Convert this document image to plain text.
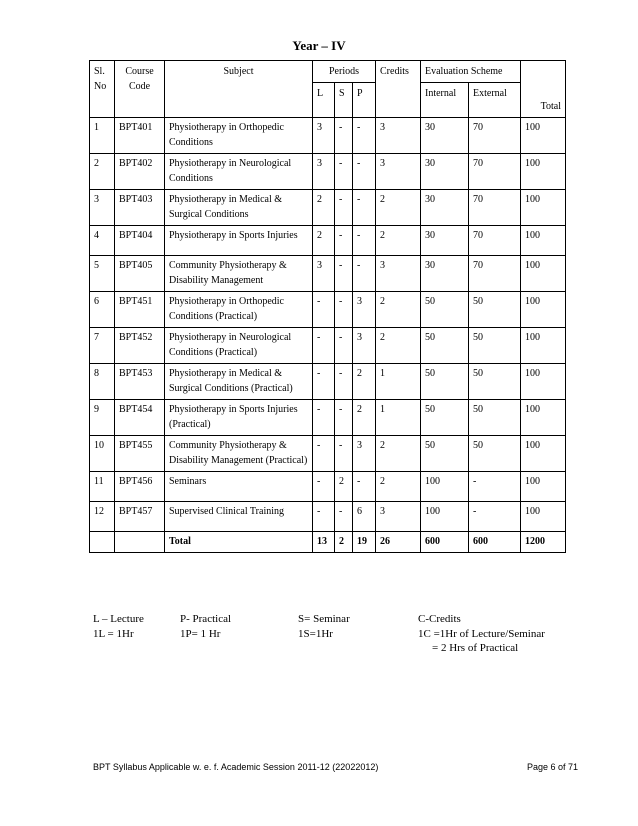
Year – IV
Sl. No	Course Code	Subject	Periods			Credits	Evaluation Scheme		Total
			L	S	P		Internal	External	
1	BPT401	Physiotherapy in Orthopedic Conditions	3	-	-	3	30	70	100
2	BPT402	Physiotherapy in Neurological Conditions	3	-	-	3	30	70	100
3	BPT403	Physiotherapy in Medical & Surgical Conditions	2	-	-	2	30	70	100
4	BPT404	Physiotherapy in Sports Injuries	2	-	-	2	30	70	100
5	BPT405	Community Physiotherapy & Disability Management	3	-	-	3	30	70	100
6	BPT451	Physiotherapy in Orthopedic Conditions (Practical)	-	-	3	2	50	50	100
7	BPT452	Physiotherapy in Neurological Conditions (Practical)	-	-	3	2	50	50	100
8	BPT453	Physiotherapy in Medical & Surgical Conditions (Practical)	-	-	2	1	50	50	100
9	BPT454	Physiotherapy in Sports Injuries (Practical)	-	-	2	1	50	50	100
10	BPT455	Community Physiotherapy & Disability Management (Practical)	-	-	3	2	50	50	100
11	BPT456	Seminars	-	2	-	2	100	-	100
12	BPT457	Supervised Clinical Training	-	-	6	3	100	-	100
		Total	13	2	19	26	600	600	1200
L – Lecture
1L = 1Hr
P- Practical
1P= 1 Hr
S= Seminar
1S=1Hr
C-Credits
1C =1Hr of Lecture/Seminar
= 2 Hrs of Practical
BPT Syllabus Applicable w. e. f. Academic Session 2011-12 (22022012)	Page 6 of 71
